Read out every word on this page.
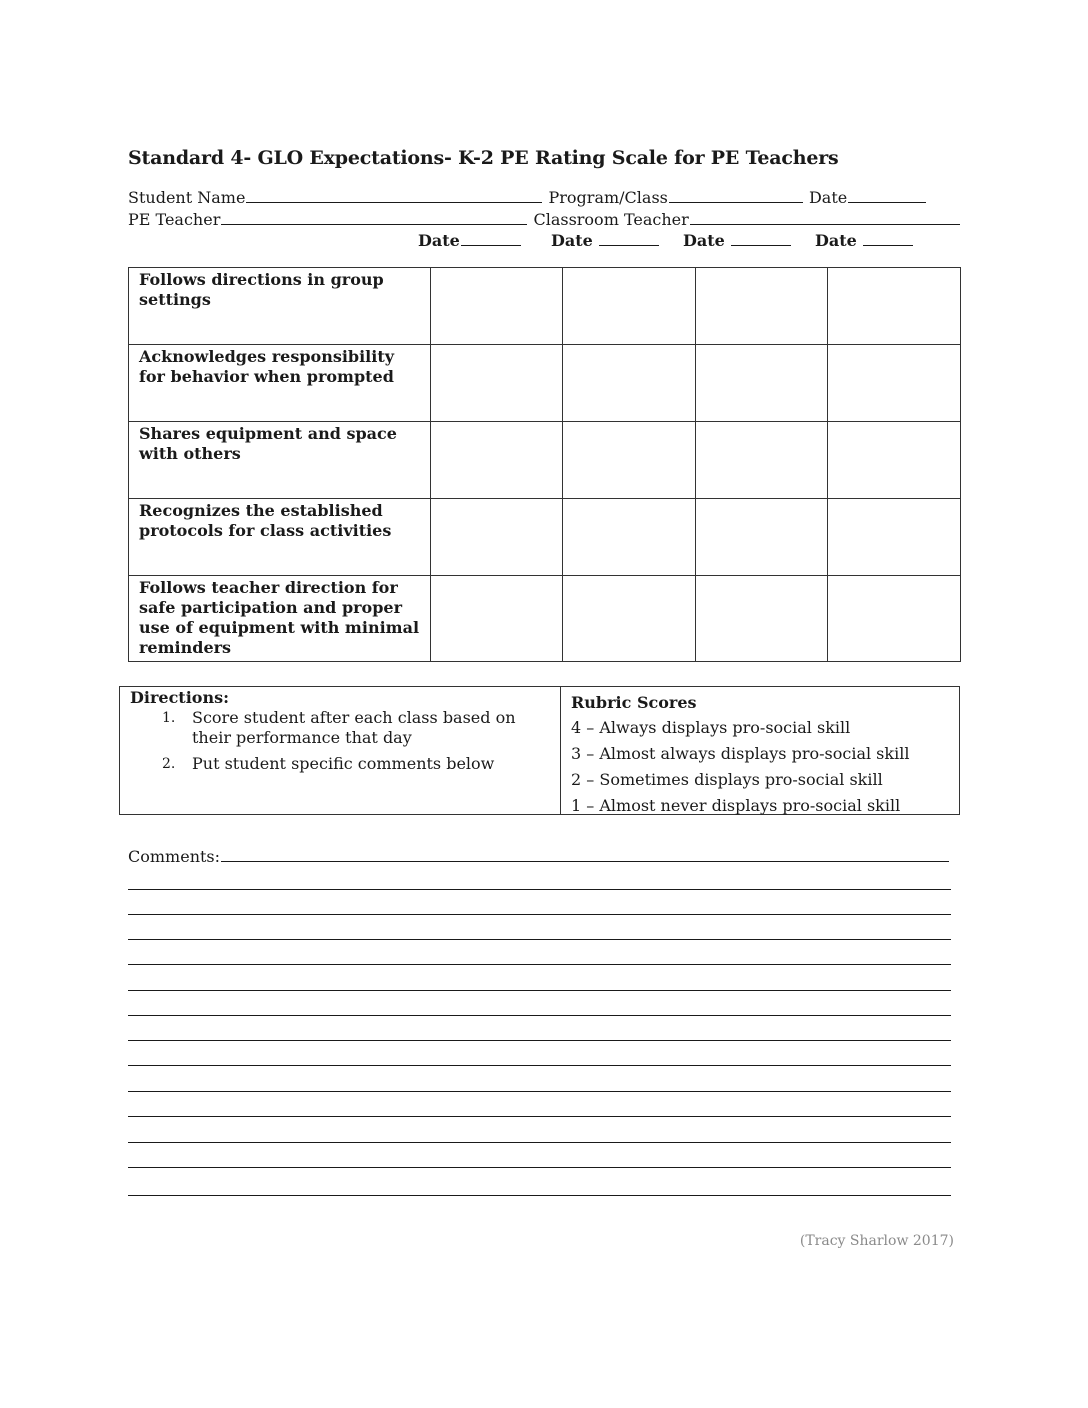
Standard 4- GLO Expectations- K-2 PE Rating Scale for PE Teachers
Student Name	Program/Class	Date
PE Teacher	Classroom Teacher
Date	Date	Date	Date
Follows directions in group settings				
Acknowledges responsibility for behavior when prompted				
Shares equipment and space with others				
Recognizes the established protocols for class activities				
Follows teacher direction for safe participation and proper use of equipment with minimal reminders				
Directions:
1.	Score student after each class based on their performance that day
2.	Put student specific comments below
Rubric Scores
4 – Always displays pro-social skill
3 – Almost always displays pro-social skill
2 – Sometimes displays pro-social skill
1 – Almost never displays pro-social skill
Comments:
(Tracy Sharlow 2017)
